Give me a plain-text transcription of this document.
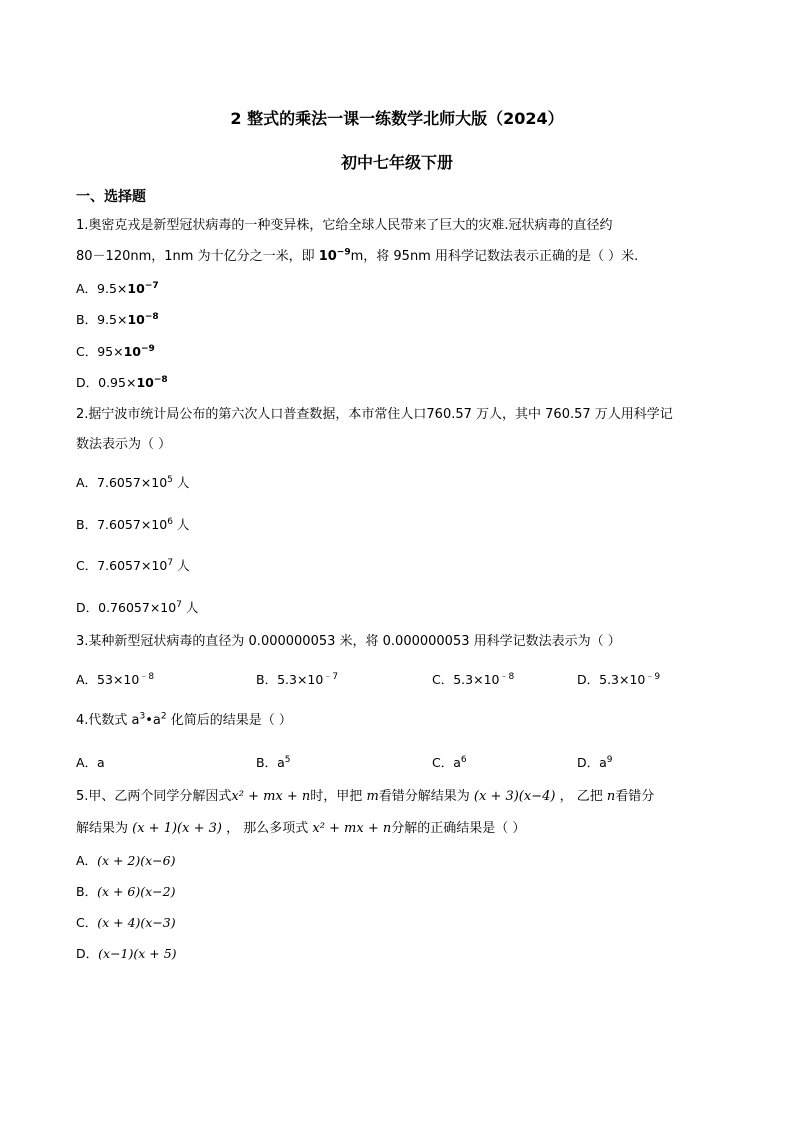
2 整式的乘法一课一练数学北师大版（2024）
初中七年级下册
一、选择题
1.奥密克戎是新型冠状病毒的一种变异株，它给全球人民带来了巨大的灾难.冠状病毒的直径约
80－120nm，1nm 为十亿分之一米，即 $10^{-9}m$，将 95nm 用科学记数法表示正确的是（ ）米.
A．$9.5\times 10^{-7}$
B．$9.5\times 10^{-8}$
C．$95\times 10^{-9}$
D．$0.95\times 10^{-8}$
2.据宁波市统计局公布的第六次人口普查数据，本市常住人口760.57 万人，其中 760.57 万人用科学记
数法表示为（ ）
A．$7.6057\times 10^5$ 人
B．$7.6057\times 10^6$ 人
C．$7.6057\times 10^7$ 人
D．$0.76057\times 10^7$ 人
3.某种新型冠状病毒的直径为 0.000000053 米，将 0.000000053 用科学记数法表示为（ ）
A．$53\times 10^{﹣8}$	B．$5.3\times 10^{﹣7}$	C．$5.3\times 10^{﹣8}$	D．$5.3\times 10^{﹣9}$
4.代数式 $a^3•a^2$ 化简后的结果是（ ）
A．a	B．$a^5$	C．$a^6$	D．$a^9$
5.甲、乙两个同学分解因式x² + mx + n时，甲把 m看错分解结果为 (x + 3)(x−4) ， 乙把 n看错分
解结果为 (x + 1)(x + 3) ， 那么多项式 x² + mx + n分解的正确结果是（ ）
A．(x + 2)(x−6)
B．(x + 6)(x−2)
C．(x + 4)(x−3)
D．(x−1)(x + 5)
